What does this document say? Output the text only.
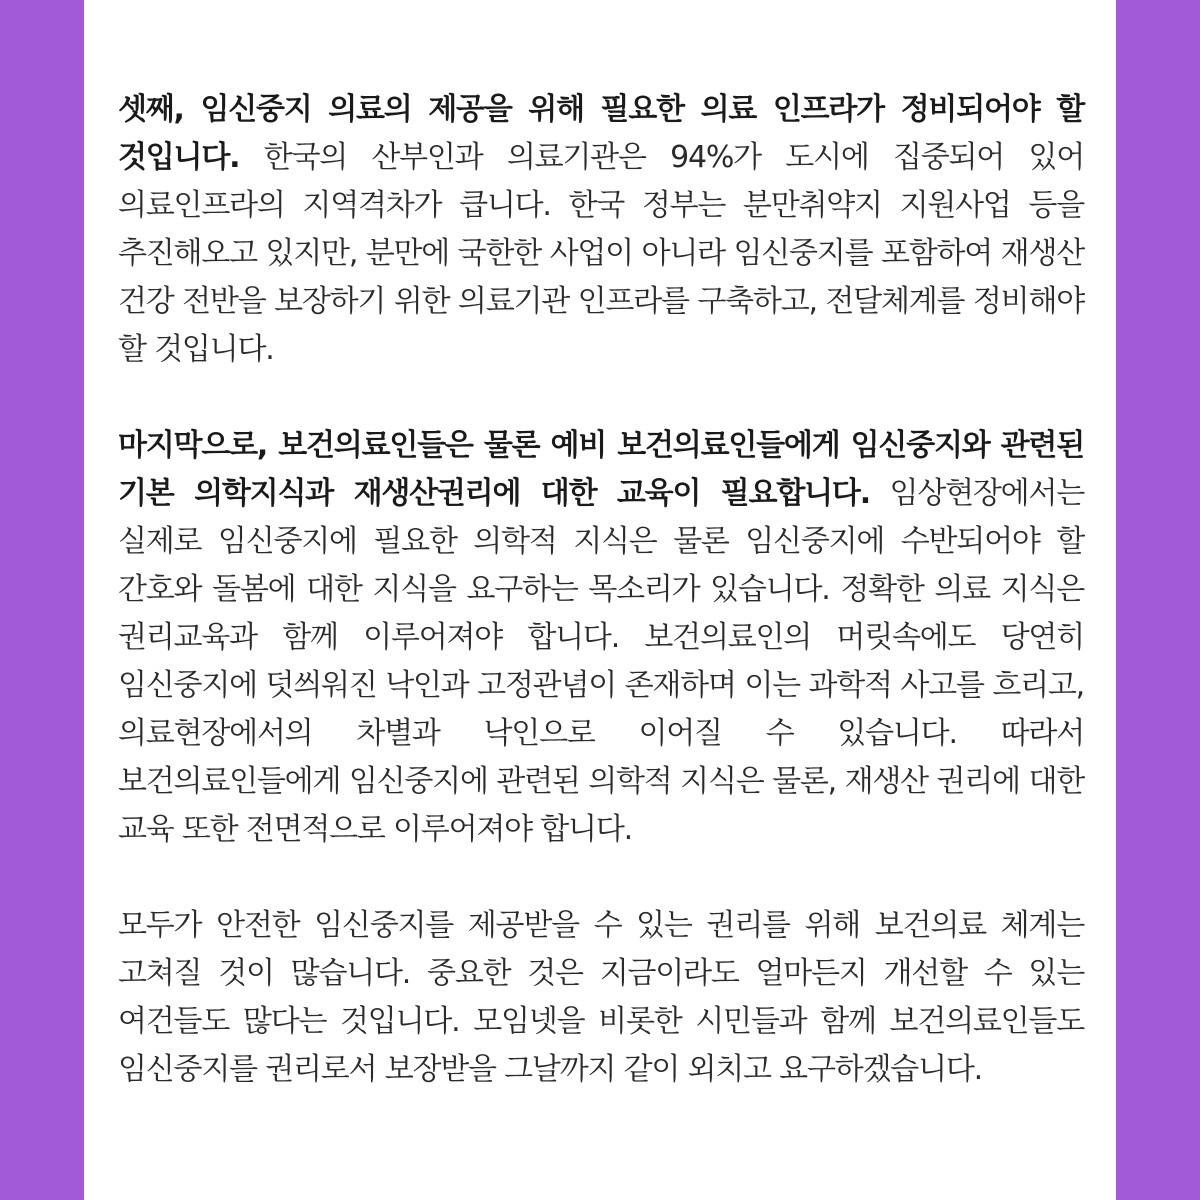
셋째, 임신중지 의료의 제공을 위해 필요한 의료 인프라가 정비되어야 할 것입니다. 한국의 산부인과 의료기관은 94%가 도시에 집중되어 있어 의료인프라의 지역격차가 큽니다. 한국 정부는 분만취약지 지원사업 등을 추진해오고 있지만, 분만에 국한한 사업이 아니라 임신중지를 포함하여 재생산 건강 전반을 보장하기 위한 의료기관 인프라를 구축하고, 전달체계를 정비해야 할 것입니다.

마지막으로, 보건의료인들은 물론 예비 보건의료인들에게 임신중지와 관련된 기본 의학지식과 재생산권리에 대한 교육이 필요합니다. 임상현장에서는 실제로 임신중지에 필요한 의학적 지식은 물론 임신중지에 수반되어야 할 간호와 돌봄에 대한 지식을 요구하는 목소리가 있습니다. 정확한 의료 지식은 권리교육과 함께 이루어져야 합니다. 보건의료인의 머릿속에도 당연히 임신중지에 덧씌워진 낙인과 고정관념이 존재하며 이는 과학적 사고를 흐리고, 의료현장에서의 차별과 낙인으로 이어질 수 있습니다. 따라서 보건의료인들에게 임신중지에 관련된 의학적 지식은 물론, 재생산 권리에 대한 교육 또한 전면적으로 이루어져야 합니다.

모두가 안전한 임신중지를 제공받을 수 있는 권리를 위해 보건의료 체계는 고쳐질 것이 많습니다. 중요한 것은 지금이라도 얼마든지 개선할 수 있는 여건들도 많다는 것입니다. 모임넷을 비롯한 시민들과 함께 보건의료인들도 임신중지를 권리로서 보장받을 그날까지 같이 외치고 요구하겠습니다.
